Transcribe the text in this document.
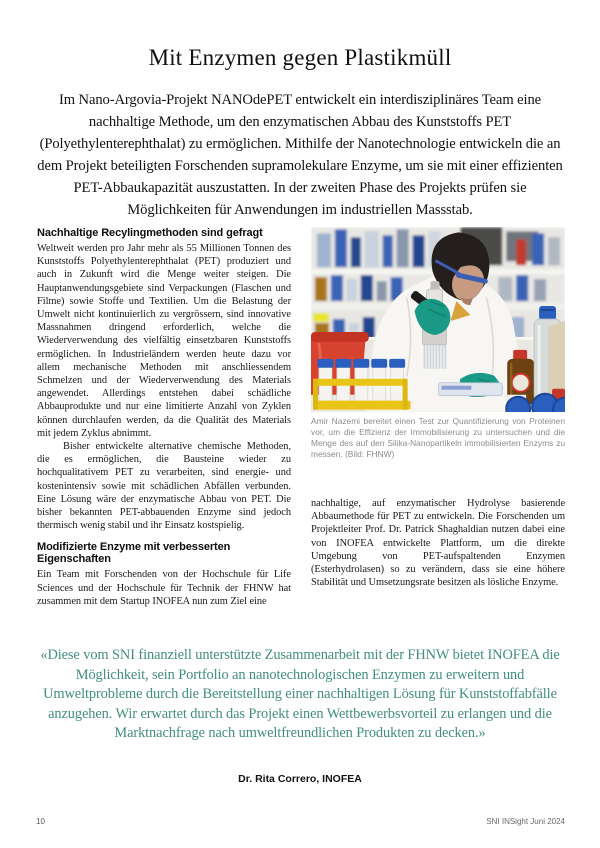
Mit Enzymen gegen Plastikmüll

Im Nano-Argovia-Projekt NANOdePET entwickelt ein interdisziplinäres Team eine nachhaltige Methode, um den enzymatischen Abbau des Kunststoffs PET (Polyethylenterephthalat) zu ermöglichen. Mithilfe der Nanotechnologie entwickeln die an dem Projekt beteiligten Forschenden supramolekulare Enzyme, um sie mit einer effizienten PET-Abbaukapazität auszustatten. In der zweiten Phase des Projekts prüfen sie Möglichkeiten für Anwendungen im industriellen Massstab.

Nachhaltige Recylingmethoden sind gefragt

Weltweit werden pro Jahr mehr als 55 Millionen Tonnen des Kunststoffs Polyethylenterephthalat (PET) produziert und auch in Zukunft wird die Menge weiter steigen. Die Hauptanwendungsgebiete sind Verpackungen (Flaschen und Filme) sowie Stoffe und Textilien. Um die Belastung der Umwelt nicht kontinuierlich zu vergrössern, sind innovative Massnahmen dringend erforderlich, welche die Wiederverwendung des vielfältig einsetzbaren Kunststoffs ermöglichen. In Industrieländern werden heute dazu vor allem mechanische Methoden mit anschliessendem Schmelzen und der Wiederverwendung des Materials angewendet. Allerdings entstehen dabei schädliche Abbauprodukte und nur eine limitierte Anzahl von Zyklen können durchlaufen werden, da die Qualität des Materials mit jedem Zyklus abnimmt.

Bisher entwickelte alternative chemische Methoden, die es ermöglichen, die Bausteine wieder zu hochqualitativem PET zu verarbeiten, sind energie- und kostenintensiv sowie mit schädlichen Abfällen verbunden. Eine Lösung wäre der enzymatische Abbau von PET. Die bisher bekannten PET-abbauenden Enzyme sind jedoch thermisch wenig stabil und ihr Einsatz kostspielig.

Modifizierte Enzyme mit verbesserten Eigenschaften

Ein Team mit Forschenden von der Hochschule für Life Sciences und der Hochschule für Technik der FHNW hat zusammen mit dem Startup INOFEA nun zum Ziel eine

Amir Nazemi bereitet einen Test zur Quantifizierung von Proteinen vor, um die Effizienz der Immobilisierung zu untersuchen und die Menge des auf den Silika-Nanopartikeln immobilisierten Enzyms zu messen. (Bild: FHNW)

nachhaltige, auf enzymatischer Hydrolyse basierende Abbaumethode für PET zu entwickeln. Die Forschenden um Projektleiter Prof. Dr. Patrick Shaghaldian nutzen dabei eine von INOFEA entwickelte Plattform, um die direkte Umgebung von PET-aufspaltenden Enzymen (Esterhydrolasen) so zu verändern, dass sie eine höhere Stabilität und Umsetzungsrate besitzen als lösliche Enzyme.

«Diese vom SNI finanziell unterstützte Zusammenarbeit mit der FHNW bietet INOFEA die Möglichkeit, sein Portfolio an nanotechnologischen Enzymen zu erweitern und Umweltprobleme durch die Bereitstellung einer nachhaltigen Lösung für Kunststoffabfälle anzugehen. Wir erwartet durch das Projekt einen Wettbewerbsvorteil zu erlangen und die Marktnachfrage nach umweltfreundlichen Produkten zu decken.»

Dr. Rita Correro, INOFEA

10	SNI INSight Juni 2024
